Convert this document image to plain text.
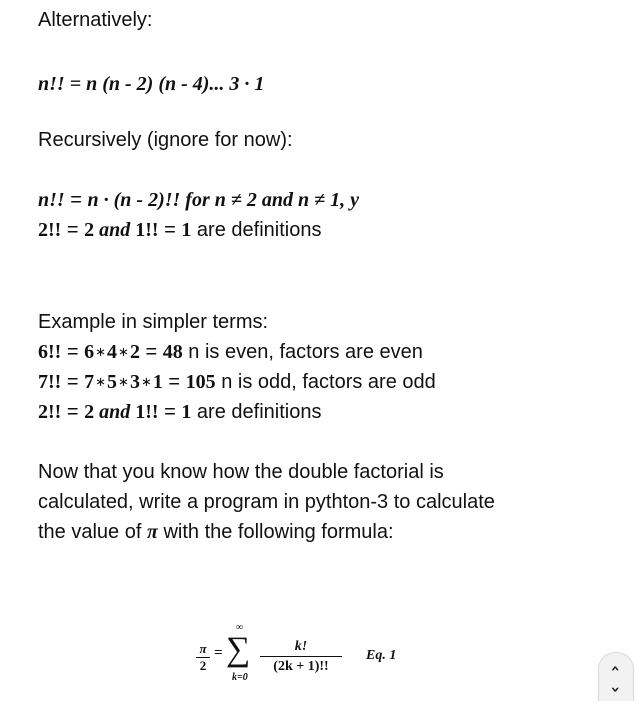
Alternatively:
n!! = n (n - 2) (n - 4)... 3 · 1
Recursively (ignore for now):
n!! = n · (n - 2)!! for n ≠ 2 and n ≠ 1, y
2!! = 2 and 1!! = 1 are definitions
Example in simpler terms:
6!! = 6∗4∗2 = 48 n is even, factors are even
7!! = 7∗5∗3∗1 = 105 n is odd, factors are odd
2!! = 2 and 1!! = 1 are definitions
Now that you know how the double factorial is
calculated, write a program in pythton-3 to calculate
the value of π with the following formula:
π
2
=
∞
∑
k=0
k!
(2k + 1)!!
Eq. 1
‹
›
